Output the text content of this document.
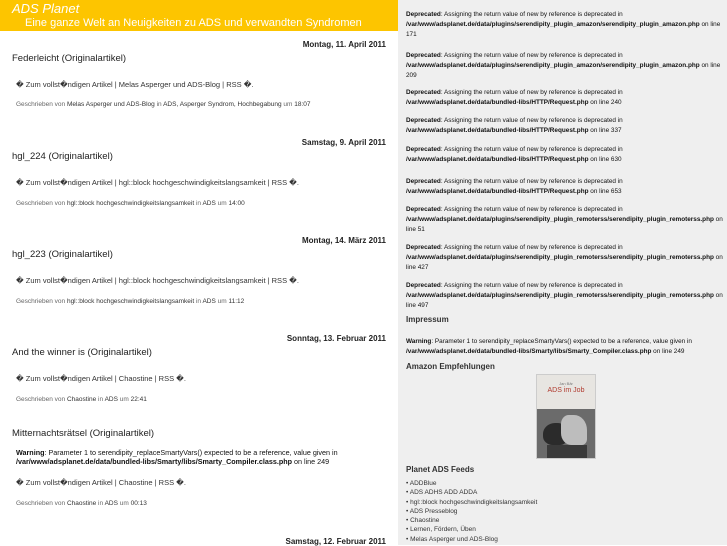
ADS Planet
Eine ganze Welt an Neuigkeiten zu ADS und verwandten Syndromen
Montag, 11. April 2011
Federleicht (Originalartikel)
� Zum vollst�ndigen Artikel | Melas Asperger und ADS-Blog | RSS �.
Geschrieben von Melas Asperger und ADS-Blog in ADS, Asperger Syndrom, Hochbegabung um 18:07
Samstag, 9. April 2011
hgl_224 (Originalartikel)
� Zum vollst�ndigen Artikel | hgl::block hochgeschwindigkeitslangsamkeit | RSS �.
Geschrieben von hgl::block hochgeschwindigkeitslangsamkeit in ADS um 14:00
Montag, 14. März 2011
hgl_223 (Originalartikel)
� Zum vollst�ndigen Artikel | hgl::block hochgeschwindigkeitslangsamkeit | RSS �.
Geschrieben von hgl::block hochgeschwindigkeitslangsamkeit in ADS um 11:12
Sonntag, 13. Februar 2011
And the winner is (Originalartikel)
� Zum vollst�ndigen Artikel | Chaostine | RSS �.
Geschrieben von Chaostine in ADS um 22:41
Mitternachtsrätsel (Originalartikel)
Warning: Parameter 1 to serendipity_replaceSmartyVars() expected to be a reference, value given in
/var/www/adsplanet.de/data/bundled-libs/Smarty/libs/Smarty_Compiler.class.php on line 249
� Zum vollst�ndigen Artikel | Chaostine | RSS �.
Geschrieben von Chaostine in ADS um 00:13
Samstag, 12. Februar 2011
Deprecated: Assigning the return value of new by reference is deprecated in
/var/www/adsplanet.de/data/plugins/serendipity_plugin_amazon/serendipity_plugin_amazon.php on line 171
Deprecated: Assigning the return value of new by reference is deprecated in
/var/www/adsplanet.de/data/plugins/serendipity_plugin_amazon/serendipity_plugin_amazon.php on line 209
Deprecated: Assigning the return value of new by reference is deprecated in
/var/www/adsplanet.de/data/bundled-libs/HTTP/Request.php on line 240
Deprecated: Assigning the return value of new by reference is deprecated in
/var/www/adsplanet.de/data/bundled-libs/HTTP/Request.php on line 337
Deprecated: Assigning the return value of new by reference is deprecated in
/var/www/adsplanet.de/data/bundled-libs/HTTP/Request.php on line 630
Deprecated: Assigning the return value of new by reference is deprecated in
/var/www/adsplanet.de/data/bundled-libs/HTTP/Request.php on line 653
Deprecated: Assigning the return value of new by reference is deprecated in
/var/www/adsplanet.de/data/plugins/serendipity_plugin_remoterss/serendipity_plugin_remoterss.php on line 51
Deprecated: Assigning the return value of new by reference is deprecated in
/var/www/adsplanet.de/data/plugins/serendipity_plugin_remoterss/serendipity_plugin_remoterss.php on line 427
Deprecated: Assigning the return value of new by reference is deprecated in
/var/www/adsplanet.de/data/plugins/serendipity_plugin_remoterss/serendipity_plugin_remoterss.php on line 497
Impressum
Warning: Parameter 1 to serendipity_replaceSmartyVars() expected to be a reference, value given in
/var/www/adsplanet.de/data/bundled-libs/Smarty/libs/Smarty_Compiler.class.php on line 249
Amazon Empfehlungen
Jan Bär
ADS im Job
Planet ADS Feeds
• ADDBlue
• ADS ADHS ADD ADDA
• hgl::block hochgeschwindigkeitslangsamkeit
• ADS Presseblog
• Chaostine
• Lernen, Fördern, Üben
• Melas Asperger und ADS-Blog
